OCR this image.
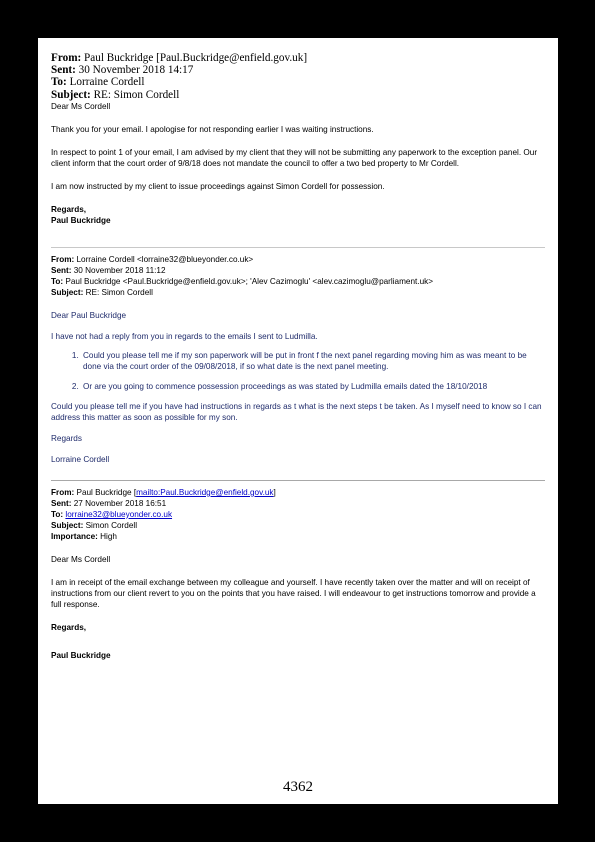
From: Paul Buckridge [Paul.Buckridge@enfield.gov.uk]
Sent: 30 November 2018 14:17
To: Lorraine Cordell
Subject: RE: Simon Cordell

Dear Ms Cordell

Thank you for your email. I apologise for not responding earlier I was waiting instructions.

In respect to point 1 of your email, I am advised by my client that they will not be submitting any paperwork to the exception panel. Our client inform that the court order of 9/8/18 does not mandate the council to offer a two bed property to Mr Cordell.

I am now instructed by my client to issue proceedings against Simon Cordell for possession.

Regards,

Paul Buckridge

From: Lorraine Cordell <lorraine32@blueyonder.co.uk>
Sent: 30 November 2018 11:12
To: Paul Buckridge <Paul.Buckridge@enfield.gov.uk>; 'Alev Cazimoglu' <alev.cazimoglu@parliament.uk>
Subject: RE: Simon Cordell

Dear Paul Buckridge

I have not had a reply from you in regards to the emails I sent to Ludmilla.

1. Could you please tell me if my son paperwork will be put in front f the next panel regarding moving him as was meant to be done via the court order of the 09/08/2018, if so what date is the next panel meeting.
2. Or are you going to commence possession proceedings as was stated by Ludmilla emails dated the 18/10/2018

Could you please tell me if you have had instructions in regards as t what is the next steps t be taken. As I myself need to know so I can address this matter as soon as possible for my son.

Regards

Lorraine Cordell

From: Paul Buckridge [mailto:Paul.Buckridge@enfield.gov.uk]
Sent: 27 November 2018 16:51
To: lorraine32@blueyonder.co.uk
Subject: Simon Cordell
Importance: High

Dear Ms Cordell

I am in receipt of the email exchange between my colleague and yourself. I have recently taken over the matter and will on receipt of instructions from our client revert to you on the points that you have raised. I will endeavour to get instructions tomorrow and provide a full response.

Regards,

Paul Buckridge

4362
